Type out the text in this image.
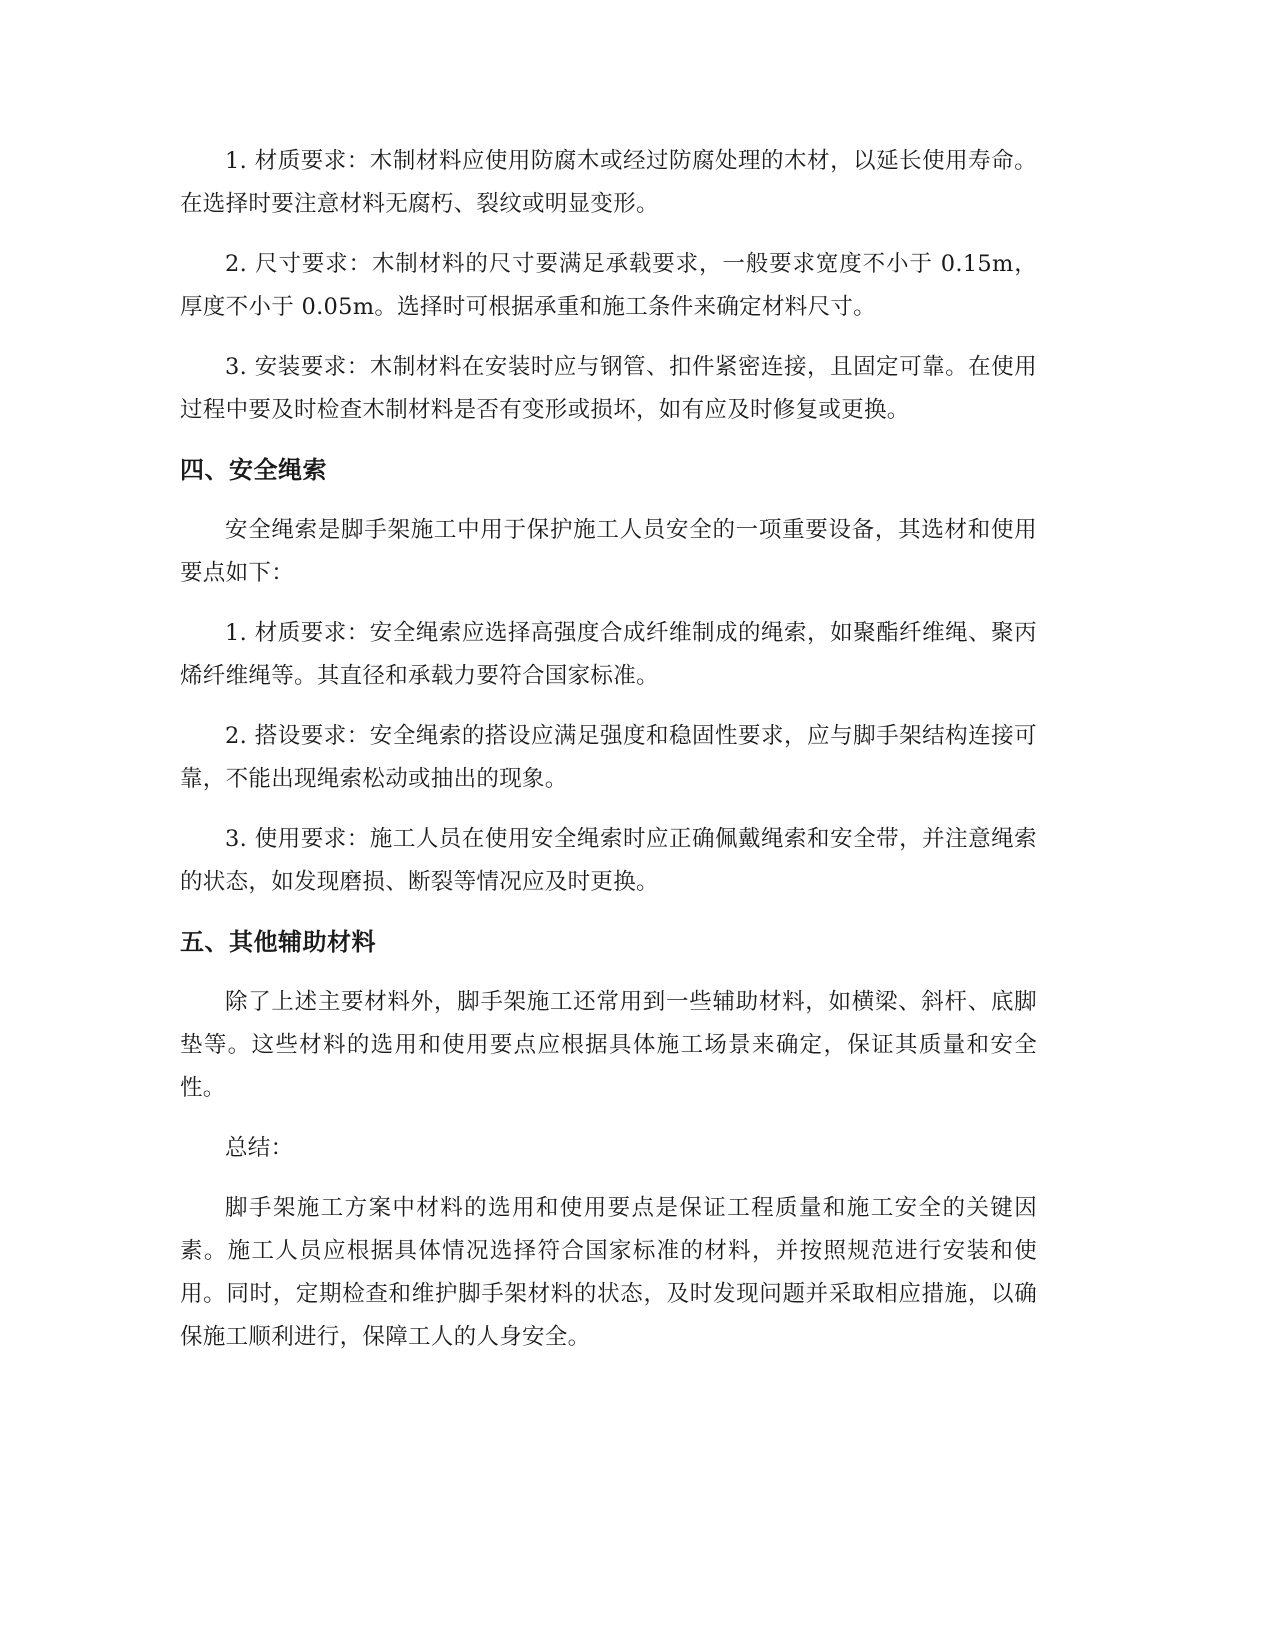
1. 材质要求：木制材料应使用防腐木或经过防腐处理的木材，以延长使用寿命。在选择时要注意材料无腐朽、裂纹或明显变形。

2. 尺寸要求：木制材料的尺寸要满足承载要求，一般要求宽度不小于 0.15m，厚度不小于 0.05m。选择时可根据承重和施工条件来确定材料尺寸。

3. 安装要求：木制材料在安装时应与钢管、扣件紧密连接，且固定可靠。在使用过程中要及时检查木制材料是否有变形或损坏，如有应及时修复或更换。

四、安全绳索

安全绳索是脚手架施工中用于保护施工人员安全的一项重要设备，其选材和使用要点如下：

1. 材质要求：安全绳索应选择高强度合成纤维制成的绳索，如聚酯纤维绳、聚丙烯纤维绳等。其直径和承载力要符合国家标准。

2. 搭设要求：安全绳索的搭设应满足强度和稳固性要求，应与脚手架结构连接可靠，不能出现绳索松动或抽出的现象。

3. 使用要求：施工人员在使用安全绳索时应正确佩戴绳索和安全带，并注意绳索的状态，如发现磨损、断裂等情况应及时更换。

五、其他辅助材料

除了上述主要材料外，脚手架施工还常用到一些辅助材料，如横梁、斜杆、底脚垫等。这些材料的选用和使用要点应根据具体施工场景来确定，保证其质量和安全性。

总结：

脚手架施工方案中材料的选用和使用要点是保证工程质量和施工安全的关键因素。施工人员应根据具体情况选择符合国家标准的材料，并按照规范进行安装和使用。同时，定期检查和维护脚手架材料的状态，及时发现问题并采取相应措施，以确保施工顺利进行，保障工人的人身安全。
